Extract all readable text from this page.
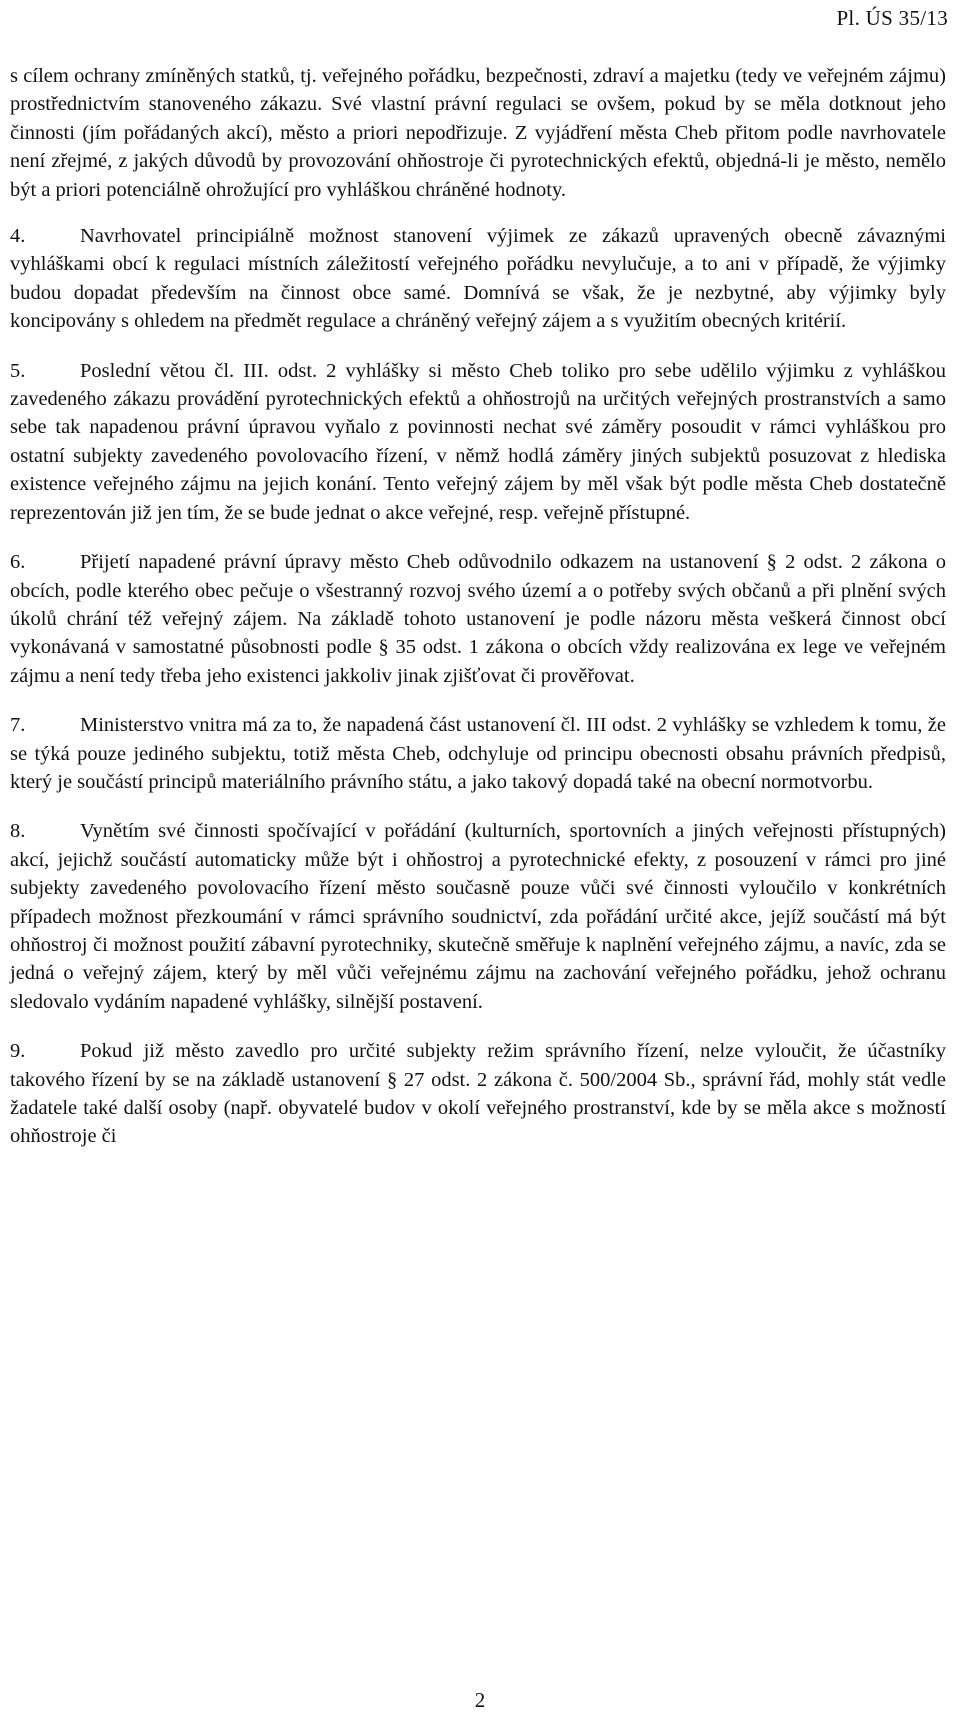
Pl. ÚS 35/13

s cílem ochrany zmíněných statků, tj. veřejného pořádku, bezpečnosti, zdraví a majetku (tedy ve veřejném zájmu) prostřednictvím stanoveného zákazu. Své vlastní právní regulaci se ovšem, pokud by se měla dotknout jeho činnosti (jím pořádaných akcí), město a priori nepodřizuje. Z vyjádření města Cheb přitom podle navrhovatele není zřejmé, z jakých důvodů by provozování ohňostroje či pyrotechnických efektů, objedná-li je město, nemělo být a priori potenciálně ohrožující pro vyhláškou chráněné hodnoty.

4.	Navrhovatel principiálně možnost stanovení výjimek ze zákazů upravených obecně závaznými vyhláškami obcí k regulaci místních záležitostí veřejného pořádku nevylučuje, a to ani v případě, že výjimky budou dopadat především na činnost obce samé. Domnívá se však, že je nezbytné, aby výjimky byly koncipovány s ohledem na předmět regulace a chráněný veřejný zájem a s využitím obecných kritérií.

5.	Poslední větou čl. III. odst. 2 vyhlášky si město Cheb toliko pro sebe udělilo výjimku z vyhláškou zavedeného zákazu provádění pyrotechnických efektů a ohňostrojů na určitých veřejných prostranstvích a samo sebe tak napadenou právní úpravou vyňalo z povinnosti nechat své záměry posoudit v rámci vyhláškou pro ostatní subjekty zavedeného povolovacího řízení, v němž hodlá záměry jiných subjektů posuzovat z hlediska existence veřejného zájmu na jejich konání. Tento veřejný zájem by měl však být podle města Cheb dostatečně reprezentován již jen tím, že se bude jednat o akce veřejné, resp. veřejně přístupné.

6.	Přijetí napadené právní úpravy město Cheb odůvodnilo odkazem na ustanovení § 2 odst. 2 zákona o obcích, podle kterého obec pečuje o všestranný rozvoj svého území a o potřeby svých občanů a při plnění svých úkolů chrání též veřejný zájem. Na základě tohoto ustanovení je podle názoru města veškerá činnost obcí vykonávaná v samostatné působnosti podle § 35 odst. 1 zákona o obcích vždy realizována ex lege ve veřejném zájmu a není tedy třeba jeho existenci jakkoliv jinak zjišťovat či prověřovat.

7.	Ministerstvo vnitra má za to, že napadená část ustanovení čl. III odst. 2 vyhlášky se vzhledem k tomu, že se týká pouze jediného subjektu, totiž města Cheb, odchyluje od principu obecnosti obsahu právních předpisů, který je součástí principů materiálního právního státu, a jako takový dopadá také na obecní normotvorbu.

8.	Vynětím své činnosti spočívající v pořádání (kulturních, sportovních a jiných veřejnosti přístupných) akcí, jejichž součástí automaticky může být i ohňostroj a pyrotechnické efekty, z posouzení v rámci pro jiné subjekty zavedeného povolovacího řízení město současně pouze vůči své činnosti vyloučilo v konkrétních případech možnost přezkoumání v rámci správního soudnictví, zda pořádání určité akce, jejíž součástí má být ohňostroj či možnost použití zábavní pyrotechniky, skutečně směřuje k naplnění veřejného zájmu, a navíc, zda se jedná o veřejný zájem, který by měl vůči veřejnému zájmu na zachování veřejného pořádku, jehož ochranu sledovalo vydáním napadené vyhlášky, silnější postavení.

9.	Pokud již město zavedlo pro určité subjekty režim správního řízení, nelze vyloučit, že účastníky takového řízení by se na základě ustanovení § 27 odst. 2 zákona č. 500/2004 Sb., správní řád, mohly stát vedle žadatele také další osoby (např. obyvatelé budov v okolí veřejného prostranství, kde by se měla akce s možností ohňostroje či

2
